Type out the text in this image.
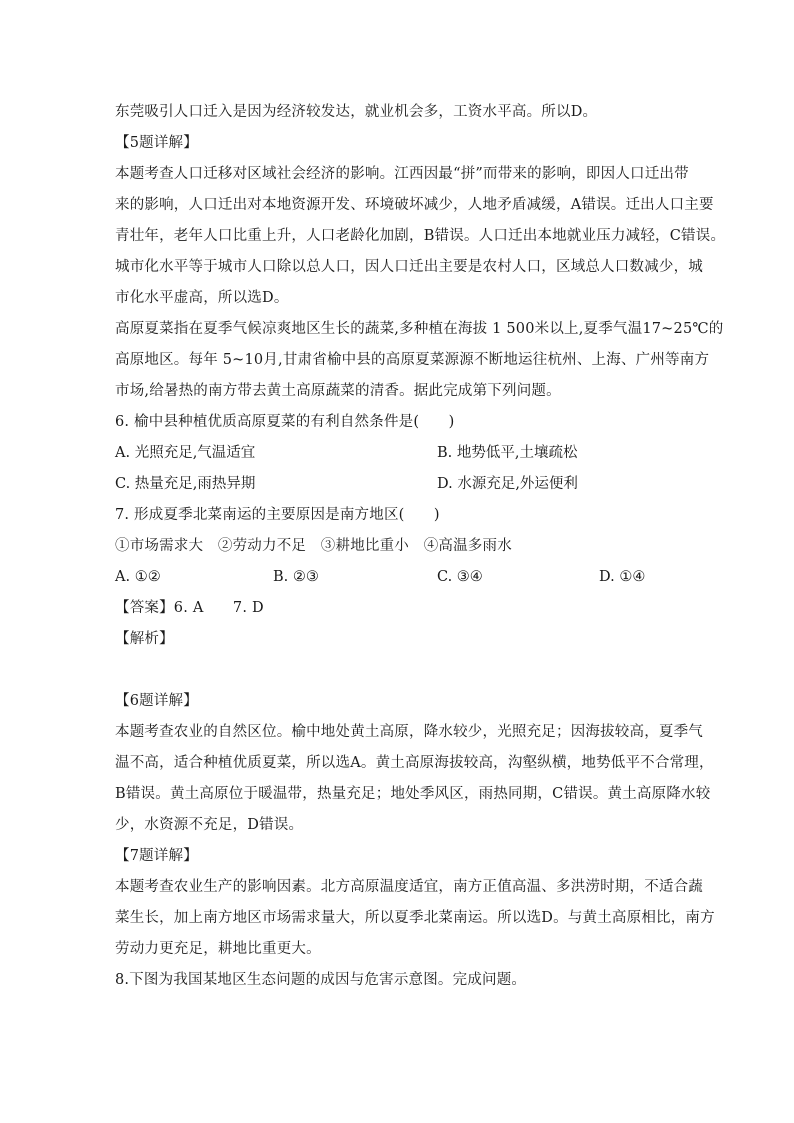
东莞吸引人口迁入是因为经济较发达，就业机会多，工资水平高。所以D。
【5题详解】
本题考查人口迁移对区域社会经济的影响。江西因最“拼”而带来的影响，即因人口迁出带
来的影响，人口迁出对本地资源开发、环境破坏减少，人地矛盾减缓，A错误。迁出人口主要
青壮年，老年人口比重上升，人口老龄化加剧，B错误。人口迁出本地就业压力减轻，C错误。
城市化水平等于城市人口除以总人口，因人口迁出主要是农村人口，区域总人口数减少，城
市化水平虚高，所以选D。
高原夏菜指在夏季气候凉爽地区生长的蔬菜,多种植在海拔 1 500米以上,夏季气温17~25℃的
高原地区。每年 5~10月,甘肃省榆中县的高原夏菜源源不断地运往杭州、上海、广州等南方
市场,给暑热的南方带去黄土高原蔬菜的清香。据此完成第下列问题。
6. 榆中县种植优质高原夏菜的有利自然条件是(　　)
A. 光照充足,气温适宜	B. 地势低平,土壤疏松
C. 热量充足,雨热异期	D. 水源充足,外运便利
7. 形成夏季北菜南运的主要原因是南方地区(　　)
①市场需求大　②劳动力不足　③耕地比重小　④高温多雨水
A. ①②	B. ②③	C. ③④	D. ①④
【答案】6. A　　7. D
【解析】
【6题详解】
本题考查农业的自然区位。榆中地处黄土高原，降水较少，光照充足；因海拔较高，夏季气
温不高，适合种植优质夏菜，所以选A。黄土高原海拔较高，沟壑纵横，地势低平不合常理，
B错误。黄土高原位于暖温带，热量充足；地处季风区，雨热同期，C错误。黄土高原降水较
少，水资源不充足，D错误。
【7题详解】
本题考查农业生产的影响因素。北方高原温度适宜，南方正值高温、多洪涝时期，不适合蔬
菜生长，加上南方地区市场需求量大，所以夏季北菜南运。所以选D。与黄土高原相比，南方
劳动力更充足，耕地比重更大。
8.下图为我国某地区生态问题的成因与危害示意图。完成问题。
